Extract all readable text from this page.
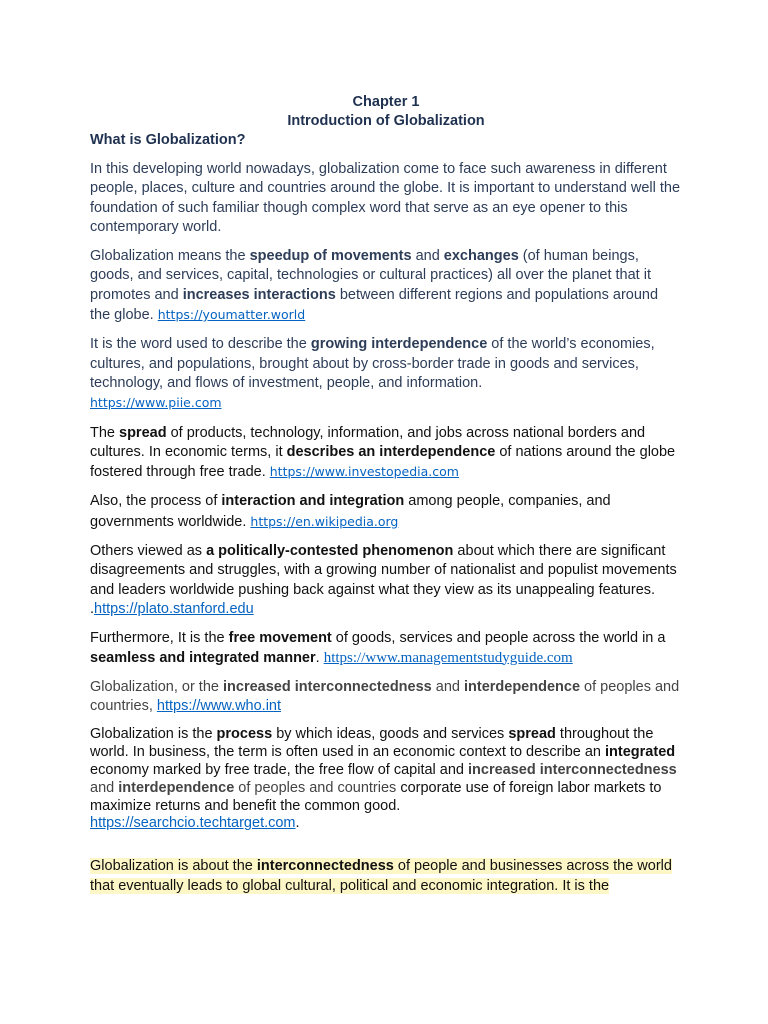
Chapter 1
Introduction of Globalization
What is Globalization?

In this developing world nowadays, globalization come to face such awareness in different people, places, culture and countries around the globe. It is important to understand well the foundation of such familiar though complex word that serve as an eye opener to this contemporary world.

Globalization means the speedup of movements and exchanges (of human beings, goods, and services, capital, technologies or cultural practices) all over the planet that it promotes and increases interactions between different regions and populations around the globe. https://youmatter.world

It is the word used to describe the growing interdependence of the world’s economies, cultures, and populations, brought about by cross-border trade in goods and services, technology, and flows of investment, people, and information.
https://www.piie.com

The spread of products, technology, information, and jobs across national borders and cultures. In economic terms, it describes an interdependence of nations around the globe fostered through free trade. https://www.investopedia.com

Also, the process of interaction and integration among people, companies, and governments worldwide. https://en.wikipedia.org

Others viewed as a politically-contested phenomenon about which there are significant disagreements and struggles, with a growing number of nationalist and populist movements and leaders worldwide pushing back against what they view as its unappealing features. .https://plato.stanford.edu

Furthermore, It is the free movement of goods, services and people across the world in a seamless and integrated manner. https://www.managementstudyguide.com

Globalization, or the increased interconnectedness and interdependence of peoples and countries, https://www.who.int

Globalization is the process by which ideas, goods and services spread throughout the world. In business, the term is often used in an economic context to describe an integrated economy marked by free trade, the free flow of capital and increased interconnectedness and interdependence of peoples and countries corporate use of foreign labor markets to maximize returns and benefit the common good.
https://searchcio.techtarget.com.

Globalization is about the interconnectedness of people and businesses across the world that eventually leads to global cultural, political and economic integration. It is the
